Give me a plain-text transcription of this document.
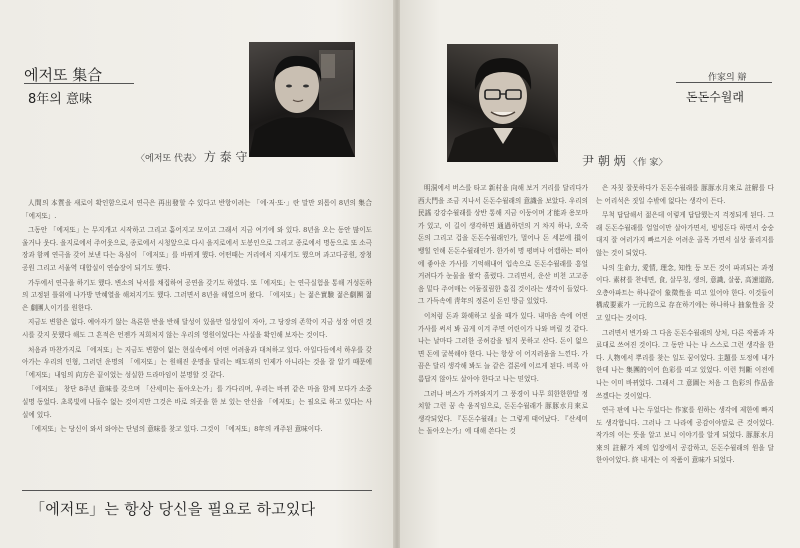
에저또 集合
8年의 意味
〈에저또 代表〉 方 泰 守

人間의 本質을 새로이 확인함으로서 연극은 再出發할 수 있다고 반항이려는 「에·저·또·」란 말만 외롭이 8년의 集合「에저또」.

그동안 「에저또」는 무지개고 시작하고 그리고 흩어지고 모이고 그래서 지금 여기에 와 있다. 8년을 오는 동안 많이도 울거나 웃다. 을지로에서 주어웃으로, 종로에서 시청앞으로 다시 을지로에서 도봉인으로 그리고 종로에서 명동으로 또 소극장과 함께 연극을 갖어 보낸 다는 욕심이 「에저또」를 바뀌게 했다. 어떤때는 거리에서 지새기도 했으며 과고다공원, 장청공원 그리고 서울역 대합실이 연습장이 되기도 했다.

가두에서 연극을 하기도 했다. 변소의 낙서를 채집하여 공연을 갖기도 하였다. 또「에저또」는 연극실험을 통해 거성돈하의 고정된 틀위에 나가방 만혜열을 해쳐지기도 했다. 그러면서 8년을 해열으며 왔다. 「에저또」는 젊은實驗 젊은劇團 젊은 劇團人이기를 원한다.

지금도 변함은 없다. 예아자기 않는 욕론한 반을 반해 달성이 있을만 얼상일이 자아, 그 당장의 존학이 지금 성장 어린 것시를 갖지 못했다 해도 그 흔적은 언젠가 저희처지 않는 우리의 영원이었다는 사실을 확인해 보자는 것이다.

처음과 마찬가지로 「에저또」는 지금도 변함이 없는 현실속에서 어떤 어려움과 대처하고 있다. 아일다듬에서 하우를 갖아가는 우리의 인형, 그러던 운명의 「에저또」는 원해진 운명을 달리는 배도위의 인제가 아니라는 것을 잘 알기 때문에 「에저또」내임의 向方은 끝이었는 성실한 드라마임이 분명할 것 같다.

「에저또」 창단 8주년 意味를 갖으며 「산세미는 돌아오는가」를 가다리며, 우리는 바뀌 같은 마을 함께 모다가 소중 실명 동었다. 초록빛에 나돌수 없는 것이지만 그것은 바로 의곳을 한 보 있는 안신을 「에저또」는 필요로 하고 있다는 사실에 있다.

「에저또」는 당신이 와서 와야는 단념의 意味를 찾고 있다. 그것이 「에저또」8年의 캐주된 意味이다.

「에저또」는 항상 당신을 필요로 하고있다
作家의 辯
돈돈수월래
尹 朝 炳 〈作 家〉

明洞에서 버스를 타고 新村을 向해 보거 거리를 달리다가 西大門을 조금 지나서 돈돈수월래의 意識을 보았다. 우리의 民謠 강강수월래를 상반 통해 지금 이둥이며 才能과 용모마가 있고, 이 길이 생각하면 通過하던의 거 차지 하나, 오죽 돈의 그리고 겁을 돈돈수월래인가, 멀어나 돈 세분에 損이 뱅힐 인해 돈돈수월래인가. 한가히 명 평버나 어캡하는 떠아에 좋아운 가사를 기억해내어 입속으로 돈돈수월래를 흥얼거려다가 눈물을 왈칵 흘렸다. 그리면서, 운산 비천 고고종음 밑다 주어매는 어둠질림한 흠집 것이라는 생각이 들었다. 그 가득속에 靑年의 정론이 돈인 방금 있었다.

이처럼 돈과 화해하고 싶을 때가 있다. 내마음 속에 어떤 가사를 써서 봐 곱게 이겨 주면 어린이가 나와 버릴 것 같다. 나는 날마다 그러한 공허감을 털지 못하고 산다. 돈이 없으면 돈에 굴복해야 한다. 나는 항상 이 어지러움을 느낀다. 가끔은 달리 생각해 봐도 늘 같은 결론에 이르게 된다. 비록 아름답지 않아도 살아야 한다고 나는 믿었다.

그러나 버스가 가까와지기 그 풍경이 나무 희한한한말 정치할 그런 꿈 속 움직임으로, 돈돈수월래가 豚豚水月來로 생각되었다. 『돈돈수월래』는 그렇게 태어났다. 『산세미는 돌아오는가』에 대해 쓴다는 것

은 자칫 잘못하다가 돈돈수월래를 豚豚水月來로 註解를 다는 어리석은 짓일 수밖에 없다는 생각이 든다.

무척 답답해서 젊은데 이렇게 답답했는지 걱정되게 된다. 그래 돈돈수월래를 얼얼이만 살아가면서, 빙빙돈다 하면서 숭숭 대지 잘 여러가지 빠르거운 어려운 골목 가면서 실상 풀리지를 않는 것이 되었다.

나의 生命力, 愛情, 理念, 知性 등 모든 것이 파괴되는 과정이다. 素材를 찬네면, 食, 살무칭, 생의, 意識, 살품, 高速道路, 오층아파트는 하나같이 象徵性을 띠고 있어야 한다. 이것들이 構成要素가 一元的으로 存在하기에는 하나하나 抽象性을 갖고 있다는 것이다.

그러면서 변가와 그 다음 돈돈수월래의 상처, 다른 작품과 자료대로 쓰여진 것이다. 그 동안 나는 나 스스로 그런 생각을 한다. 人物에서 뿌리를 찾는 일도 꿈이었다. 主題를 도정에 내가 한데 나는 集團的이어 色彩를 띠고 있었다. 이런 判斷 이전에 나는 이미 바뀌었다. 그래서 그 意圖는 처음 그 色彩의 作品을 쓰겠다는 것이었다.

연극 판에 나는 두었다는 作家를 원하는 생각에 제한에 빠지도 생각합니다. 그러나 그 나라에 공감이야말로 큰 것이었다. 작가의 이는 뜻을 알고 보니 이야기를 알게 되었다. 豚豚水月來의 註解가 제의 입장에서 공감하고, 돈돈수월래의 원을 달 한아이었다. 終 내게는 이 작품이 意味가 되었다.
